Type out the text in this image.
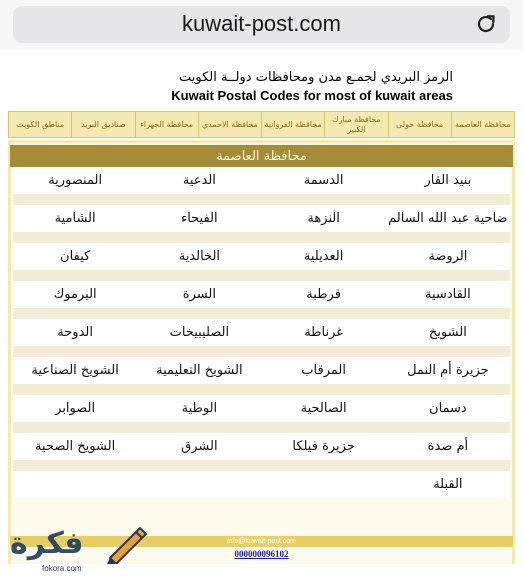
kuwait-post.com
الرمز البريدي لجمـع مدن ومحافظات دولــة الكويت
Kuwait Postal Codes for most of kuwait areas
محافظة العاصمة
محافظة حولى
محافظة مبارك الكبير
محافظة الفروانية
محافظة الاحمدي
محافظة الجهراء
صناديق البريد
مناطق الكويت
محافظة العاصمة
بنيد القار
الدسمة
الدعية
المنصورية
ضاحية عبد الله السالم
النزهة
الفيحاء
الشامية
الروضة
العديلية
الخالدية
كيفان
القادسية
قرطبة
السرة
اليرموك
الشويخ
غرناطة
الصليبيخات
الدوحة
جزيرة أم النمل
المرقاب
الشويخ التعليمية
الشويخ الصناعية
دسمان
الصالحية
الوطية
الصوابر
أم صدة
جزيرة فيلكا
الشرق
الشويخ الصحية
القبلة
info@kuwait-post.com
000000096102
فكرة
fokora.com
